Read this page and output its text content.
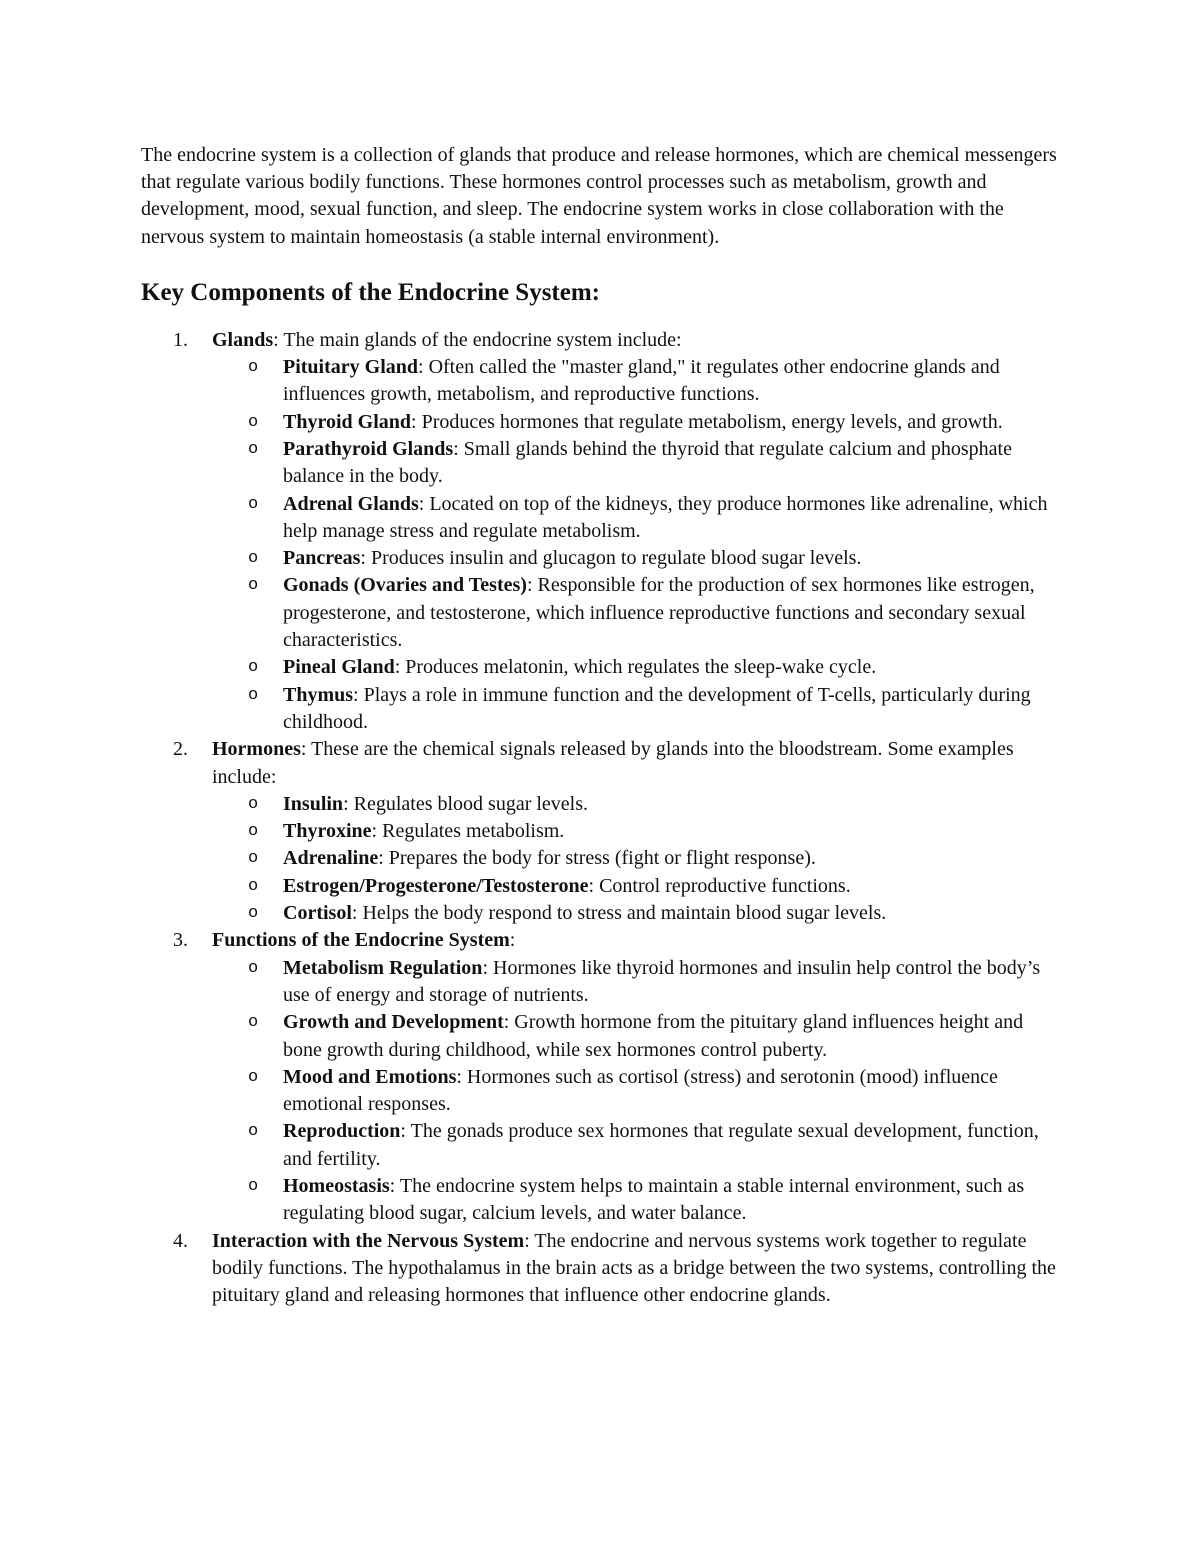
The endocrine system is a collection of glands that produce and release hormones, which are chemical messengers that regulate various bodily functions. These hormones control processes such as metabolism, growth and development, mood, sexual function, and sleep. The endocrine system works in close collaboration with the nervous system to maintain homeostasis (a stable internal environment).

Key Components of the Endocrine System:
1. Glands: The main glands of the endocrine system include:
o Pituitary Gland: Often called the "master gland," it regulates other endocrine glands and influences growth, metabolism, and reproductive functions.
o Thyroid Gland: Produces hormones that regulate metabolism, energy levels, and growth.
o Parathyroid Glands: Small glands behind the thyroid that regulate calcium and phosphate balance in the body.
o Adrenal Glands: Located on top of the kidneys, they produce hormones like adrenaline, which help manage stress and regulate metabolism.
o Pancreas: Produces insulin and glucagon to regulate blood sugar levels.
o Gonads (Ovaries and Testes): Responsible for the production of sex hormones like estrogen, progesterone, and testosterone, which influence reproductive functions and secondary sexual characteristics.
o Pineal Gland: Produces melatonin, which regulates the sleep-wake cycle.
o Thymus: Plays a role in immune function and the development of T-cells, particularly during childhood.
2. Hormones: These are the chemical signals released by glands into the bloodstream. Some examples include:
o Insulin: Regulates blood sugar levels.
o Thyroxine: Regulates metabolism.
o Adrenaline: Prepares the body for stress (fight or flight response).
o Estrogen/Progesterone/Testosterone: Control reproductive functions.
o Cortisol: Helps the body respond to stress and maintain blood sugar levels.
3. Functions of the Endocrine System:
o Metabolism Regulation: Hormones like thyroid hormones and insulin help control the body’s use of energy and storage of nutrients.
o Growth and Development: Growth hormone from the pituitary gland influences height and bone growth during childhood, while sex hormones control puberty.
o Mood and Emotions: Hormones such as cortisol (stress) and serotonin (mood) influence emotional responses.
o Reproduction: The gonads produce sex hormones that regulate sexual development, function, and fertility.
o Homeostasis: The endocrine system helps to maintain a stable internal environment, such as regulating blood sugar, calcium levels, and water balance.
4. Interaction with the Nervous System: The endocrine and nervous systems work together to regulate bodily functions. The hypothalamus in the brain acts as a bridge between the two systems, controlling the pituitary gland and releasing hormones that influence other endocrine glands.
